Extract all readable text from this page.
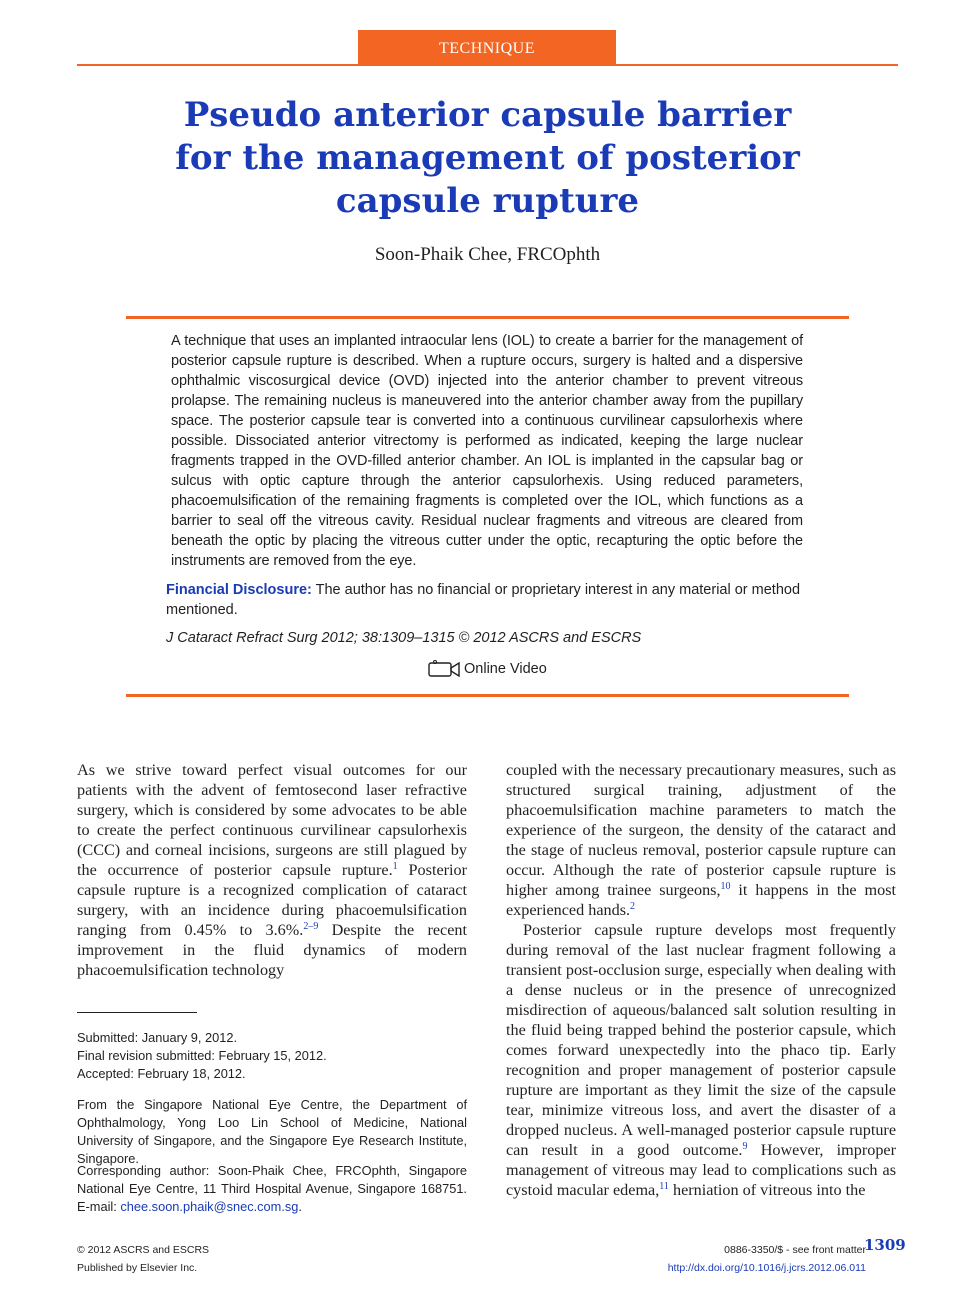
TECHNIQUE
Pseudo anterior capsule barrier
for the management of posterior
capsule rupture
Soon-Phaik Chee, FRCOphth

A technique that uses an implanted intraocular lens (IOL) to create a barrier for the management of posterior capsule rupture is described. When a rupture occurs, surgery is halted and a dispersive ophthalmic viscosurgical device (OVD) injected into the anterior chamber to prevent vitreous prolapse. The remaining nucleus is maneuvered into the anterior chamber away from the pupillary space. The posterior capsule tear is converted into a continuous curvilinear capsulorhexis where possible. Dissociated anterior vitrectomy is performed as indicated, keeping the large nuclear fragments trapped in the OVD-filled anterior chamber. An IOL is implanted in the capsular bag or sulcus with optic capture through the anterior capsulorhexis. Using reduced parameters, phacoemulsification of the remaining fragments is completed over the IOL, which functions as a barrier to seal off the vitreous cavity. Residual nuclear fragments and vitreous are cleared from beneath the optic by placing the vitreous cutter under the optic, recapturing the optic before the instruments are removed from the eye.

Financial Disclosure: The author has no financial or proprietary interest in any material or method mentioned.

J Cataract Refract Surg 2012; 38:1309–1315 © 2012 ASCRS and ESCRS
Online Video

As we strive toward perfect visual outcomes for our patients with the advent of femtosecond laser refractive surgery, which is considered by some advocates to be able to create the perfect continuous curvilinear capsulorhexis (CCC) and corneal incisions, surgeons are still plagued by the occurrence of posterior capsule rupture.$^1$ Posterior capsule rupture is a recognized complication of cataract surgery, with an incidence during phacoemulsification ranging from 0.45% to 3.6%.$^{2-9}$ Despite the recent improvement in the fluid dynamics of modern phacoemulsification technology

coupled with the necessary precautionary measures, such as structured surgical training, adjustment of the phacoemulsification machine parameters to match the experience of the surgeon, the density of the cataract and the stage of nucleus removal, posterior capsule rupture can occur. Although the rate of posterior capsule rupture is higher among trainee surgeons,$^{10}$ it happens in the most experienced hands.$^2$

Posterior capsule rupture develops most frequently during removal of the last nuclear fragment following a transient post-occlusion surge, especially when dealing with a dense nucleus or in the presence of unrecognized misdirection of aqueous/balanced salt solution resulting in the fluid being trapped behind the posterior capsule, which comes forward unexpectedly into the phaco tip. Early recognition and proper management of posterior capsule rupture are important as they limit the size of the capsule tear, minimize vitreous loss, and avert the disaster of a dropped nucleus. A well-managed posterior capsule rupture can result in a good outcome.$^9$ However, improper management of vitreous may lead to complications such as cystoid macular edema,$^{11}$ herniation of vitreous into the

Submitted: January 9, 2012.
Final revision submitted: February 15, 2012.
Accepted: February 18, 2012.

From the Singapore National Eye Centre, the Department of Ophthalmology, Yong Loo Lin School of Medicine, National University of Singapore, and the Singapore Eye Research Institute, Singapore.

Corresponding author: Soon-Phaik Chee, FRCOphth, Singapore National Eye Centre, 11 Third Hospital Avenue, Singapore 168751. E-mail: chee.soon.phaik@snec.com.sg.

© 2012 ASCRS and ESCRS
Published by Elsevier Inc.
0886-3350/$ - see front matter
http://dx.doi.org/10.1016/j.jcrs.2012.06.011
1309
